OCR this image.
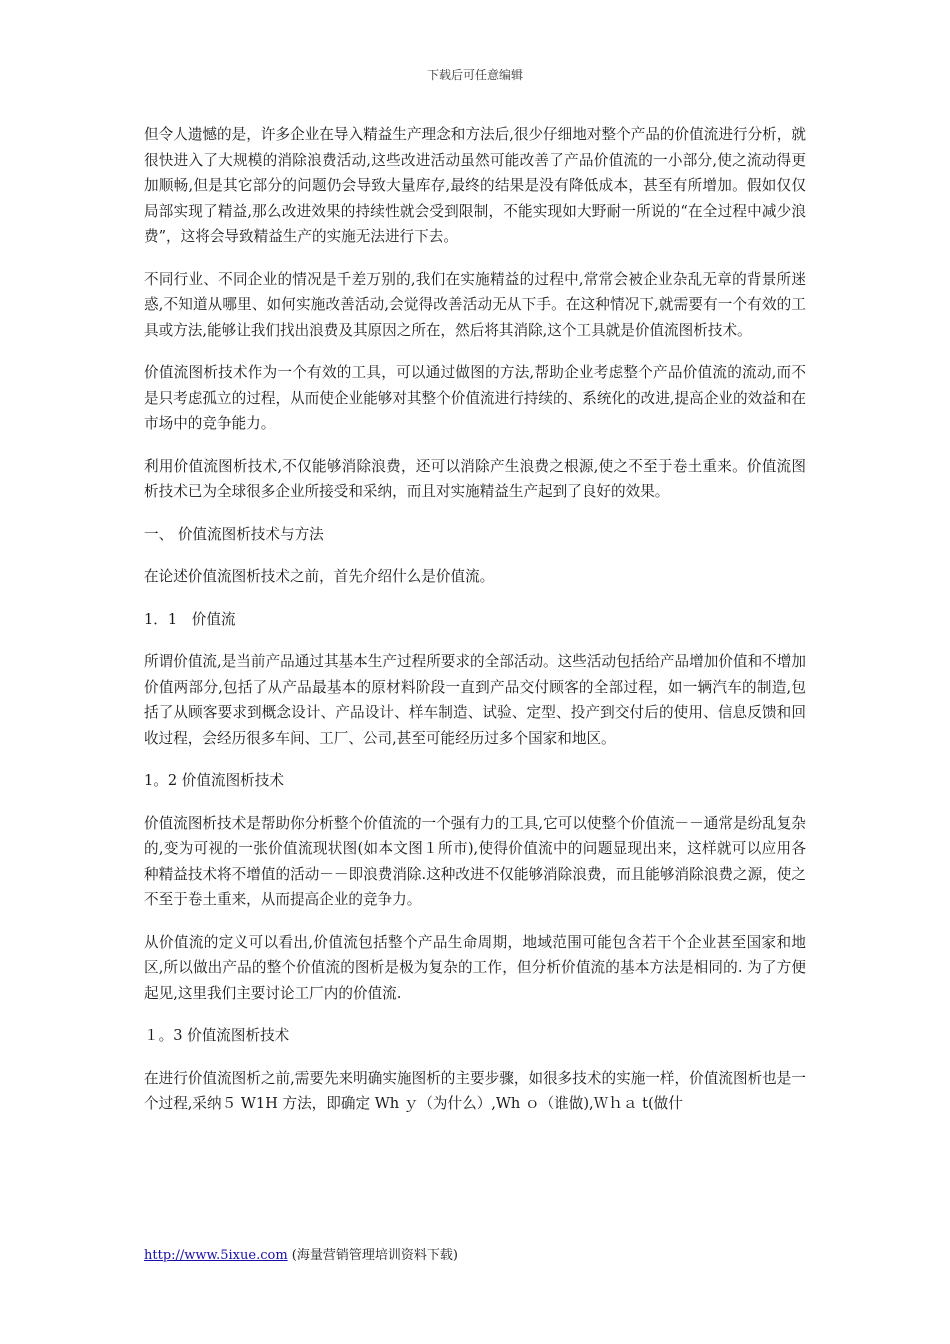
下载后可任意编辑

但令人遗憾的是，许多企业在导入精益生产理念和方法后,很少仔细地对整个产品的价值流进行分析，就很快进入了大规模的消除浪费活动,这些改进活动虽然可能改善了产品价值流的一小部分,使之流动得更加顺畅,但是其它部分的问题仍会导致大量库存,最终的结果是没有降低成本，甚至有所增加。假如仅仅局部实现了精益,那么改进效果的持续性就会受到限制，不能实现如大野耐一所说的“在全过程中减少浪费”，这将会导致精益生产的实施无法进行下去。

不同行业、不同企业的情况是千差万别的,我们在实施精益的过程中,常常会被企业杂乱无章的背景所迷惑,不知道从哪里、如何实施改善活动,会觉得改善活动无从下手。在这种情况下,就需要有一个有效的工具或方法,能够让我们找出浪费及其原因之所在，然后将其消除,这个工具就是价值流图析技术。

价值流图析技术作为一个有效的工具，可以通过做图的方法,帮助企业考虑整个产品价值流的流动,而不是只考虑孤立的过程，从而使企业能够对其整个价值流进行持续的、系统化的改进,提高企业的效益和在市场中的竞争能力。

利用价值流图析技术,不仅能够消除浪费，还可以消除产生浪费之根源,使之不至于卷土重来。价值流图析技术已为全球很多企业所接受和采纳，而且对实施精益生产起到了良好的效果。

一、 价值流图析技术与方法

在论述价值流图析技术之前，首先介绍什么是价值流。

1．1　价值流

所谓价值流,是当前产品通过其基本生产过程所要求的全部活动。这些活动包括给产品增加价值和不增加价值两部分,包括了从产品最基本的原材料阶段一直到产品交付顾客的全部过程，如一辆汽车的制造,包括了从顾客要求到概念设计、产品设计、样车制造、试验、定型、投产到交付后的使用、信息反馈和回收过程，会经历很多车间、工厂、公司,甚至可能经历过多个国家和地区。

1。2 价值流图析技术

价值流图析技术是帮助你分析整个价值流的一个强有力的工具,它可以使整个价值流－－通常是纷乱复杂的,变为可视的一张价值流现状图(如本文图１所市),使得价值流中的问题显现出来，这样就可以应用各种精益技术将不增值的活动－－即浪费消除.这种改进不仅能够消除浪费，而且能够消除浪费之源，使之不至于卷土重来，从而提高企业的竞争力。

从价值流的定义可以看出,价值流包括整个产品生命周期，地域范围可能包含若干个企业甚至国家和地区,所以做出产品的整个价值流的图析是极为复杂的工作，但分析价值流的基本方法是相同的. 为了方便起见,这里我们主要讨论工厂内的价值流.

１。3 价值流图析技术

在进行价值流图析之前,需要先来明确实施图析的主要步骤，如很多技术的实施一样，价值流图析也是一个过程,采纳５ W1H 方法，即确定 Wh ｙ（为什么）,Wh ｏ（谁做),Ｗｈａ t(做什

http://www.5ixue.com (海量营销管理培训资料下载)
